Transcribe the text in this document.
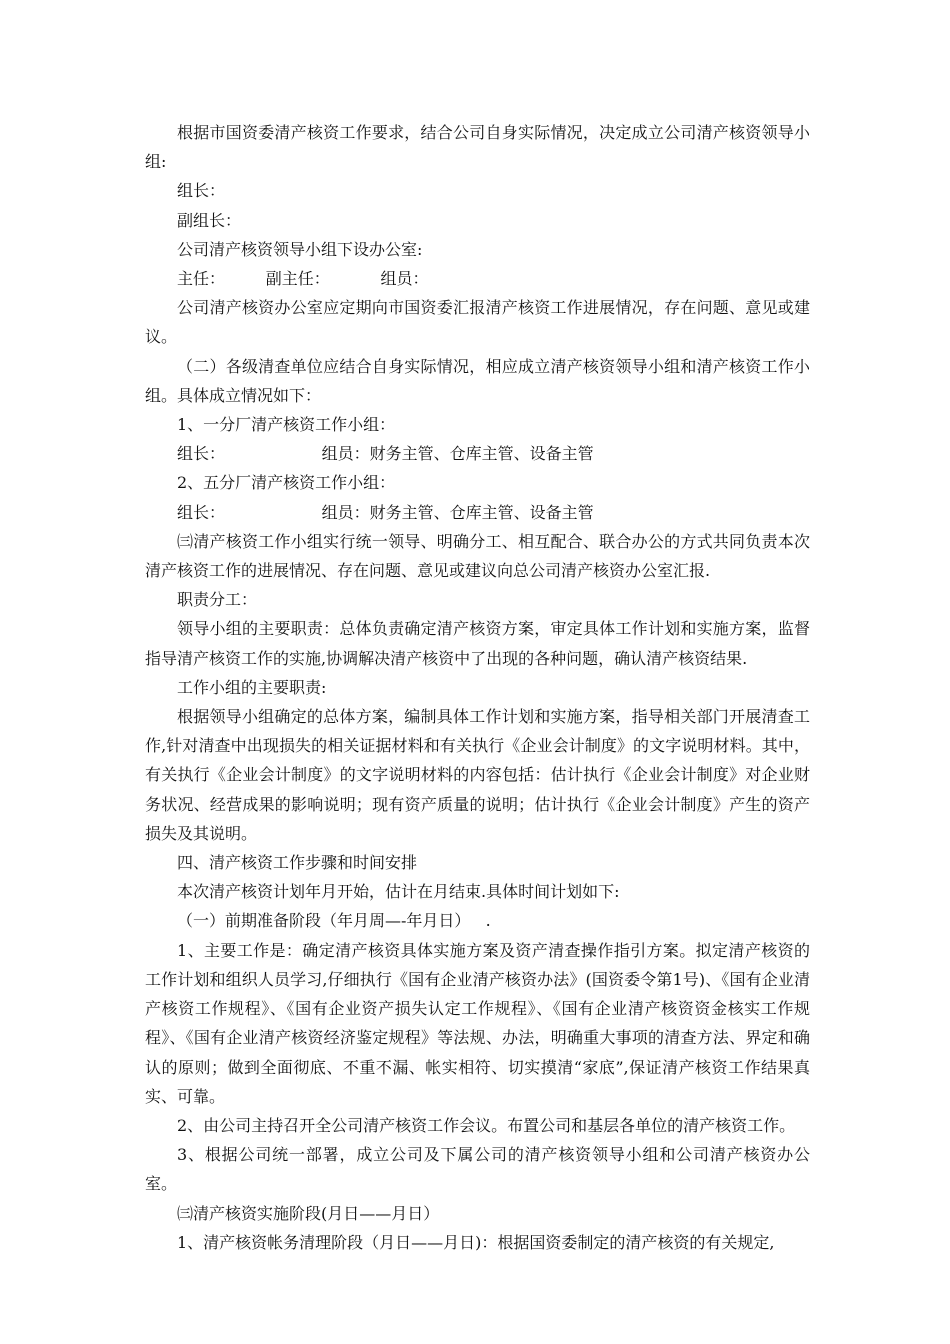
根据市国资委清产核资工作要求，结合公司自身实际情况，决定成立公司清产核资领导小组:

组长：

副组长：

公司清产核资领导小组下设办公室:

主任：        副主任：          组员：

公司清产核资办公室应定期向市国资委汇报清产核资工作进展情况，存在问题、意见或建议。

（二）各级清查单位应结合自身实际情况，相应成立清产核资领导小组和清产核资工作小组。具体成立情况如下：

1、一分厂清产核资工作小组：

组长：                   组员：财务主管、仓库主管、设备主管

2、五分厂清产核资工作小组：

组长：                   组员：财务主管、仓库主管、设备主管

㈢清产核资工作小组实行统一领导、明确分工、相互配合、联合办公的方式共同负责本次清产核资工作的进展情况、存在问题、意见或建议向总公司清产核资办公室汇报.

职责分工：

领导小组的主要职责：总体负责确定清产核资方案，审定具体工作计划和实施方案，监督指导清产核资工作的实施,协调解决清产核资中了出现的各种问题，确认清产核资结果.

工作小组的主要职责:

根据领导小组确定的总体方案，编制具体工作计划和实施方案，指导相关部门开展清查工作,针对清查中出现损失的相关证据材料和有关执行《企业会计制度》的文字说明材料。其中，有关执行《企业会计制度》的文字说明材料的内容包括：估计执行《企业会计制度》对企业财务状况、经营成果的影响说明；现有资产质量的说明；估计执行《企业会计制度》产生的资产损失及其说明。

四、清产核资工作步骤和时间安排

本次清产核资计划年月开始，估计在月结束.具体时间计划如下:

（一）前期准备阶段（年月周—-年月日）   .

1、主要工作是：确定清产核资具体实施方案及资产清查操作指引方案。拟定清产核资的工作计划和组织人员学习,仔细执行《国有企业清产核资办法》(国资委令第1号)、《国有企业清产核资工作规程》、《国有企业资产损失认定工作规程》、《国有企业清产核资资金核实工作规程》、《国有企业清产核资经济鉴定规程》等法规、办法，明确重大事项的清查方法、界定和确认的原则；做到全面彻底、不重不漏、帐实相符、切实摸清“家底”,保证清产核资工作结果真实、可靠。

2、由公司主持召开全公司清产核资工作会议。布置公司和基层各单位的清产核资工作。

3、根据公司统一部署，成立公司及下属公司的清产核资领导小组和公司清产核资办公室。

㈢清产核资实施阶段(月日——月日）

1、清产核资帐务清理阶段（月日——月日)：根据国资委制定的清产核资的有关规定,
